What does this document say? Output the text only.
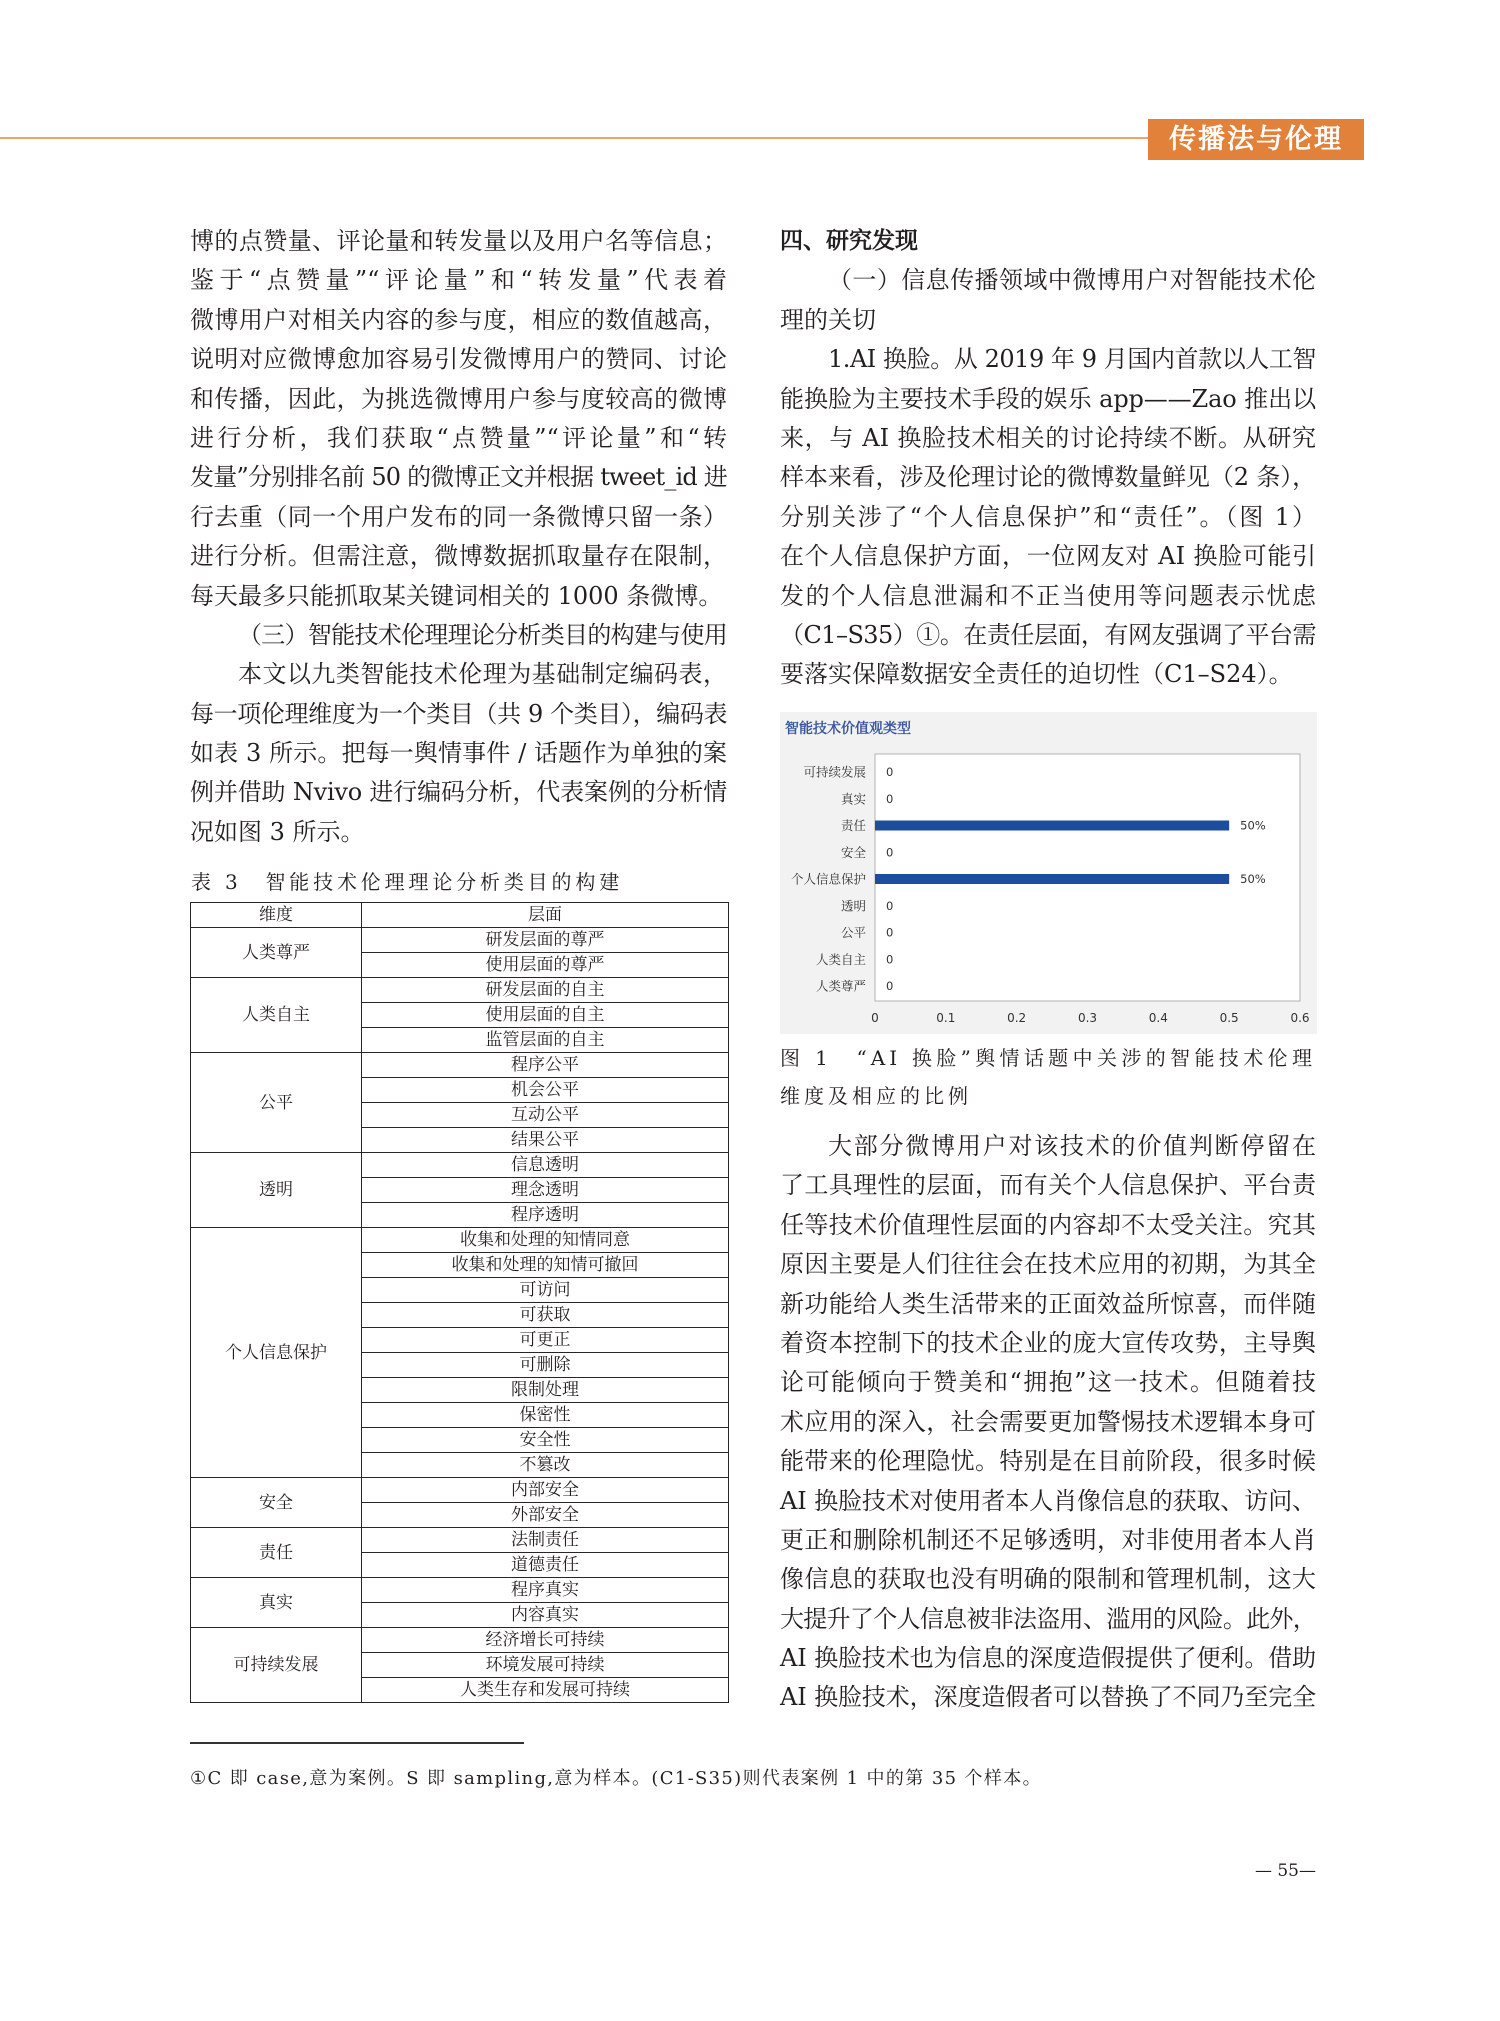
传播法与伦理
博的点赞量、评论量和转发量以及用户名等信息；
鉴于“点赞量”“评论量”和“转发量”代表着
微博用户对相关内容的参与度，相应的数值越高，
说明对应微博愈加容易引发微博用户的赞同、讨论
和传播，因此，为挑选微博用户参与度较高的微博
进行分析，我们获取“点赞量”“评论量”和“转
发量”分别排名前 50 的微博正文并根据 tweet_id 进
行去重（同一个用户发布的同一条微博只留一条）
进行分析。但需注意，微博数据抓取量存在限制，
每天最多只能抓取某关键词相关的 1000 条微博。
（三）智能技术伦理理论分析类目的构建与使用
本文以九类智能技术伦理为基础制定编码表，
每一项伦理维度为一个类目（共 9 个类目），编码表
如表 3 所示。把每一舆情事件 / 话题作为单独的案
例并借助 Nvivo 进行编码分析，代表案例的分析情
况如图 3 所示。
表 3　智能技术伦理理论分析类目的构建
维度	层面
人类尊严	研发层面的尊严
	使用层面的尊严
人类自主	研发层面的自主
	使用层面的自主
	监管层面的自主
公平	程序公平
	机会公平
	互动公平
	结果公平
透明	信息透明
	理念透明
	程序透明
个人信息保护	收集和处理的知情同意
	收集和处理的知情可撤回
	可访问
	可获取
	可更正
	可删除
	限制处理
	保密性
	安全性
	不篡改
安全	内部安全
	外部安全
责任	法制责任
	道德责任
真实	程序真实
	内容真实
可持续发展	经济增长可持续
	环境发展可持续
	人类生存和发展可持续
四、研究发现
（一）信息传播领域中微博用户对智能技术伦
理的关切
1.AI 换脸。从 2019 年 9 月国内首款以人工智
能换脸为主要技术手段的娱乐 app——Zao 推出以
来，与 AI 换脸技术相关的讨论持续不断。从研究
样本来看，涉及伦理讨论的微博数量鲜见（2 条），
分别关涉了“个人信息保护”和“责任”。（图 1）
在个人信息保护方面，一位网友对 AI 换脸可能引
发的个人信息泄漏和不正当使用等问题表示忧虑
（C1–S35）①。在责任层面，有网友强调了平台需
要落实保障数据安全责任的迫切性（C1–S24）。
智能技术价值观类型
可持续发展 0
真实 0
责任	50%
安全 0
个人信息保护	50%
透明 0
公平 0
人类自主 0
人类尊严 0
0	0.1	0.2	0.3	0.4	0.5	0.6
图 1　“AI 换脸”舆情话题中关涉的智能技术伦理
维度及相应的比例
大部分微博用户对该技术的价值判断停留在
了工具理性的层面，而有关个人信息保护、平台责
任等技术价值理性层面的内容却不太受关注。究其
原因主要是人们往往会在技术应用的初期，为其全
新功能给人类生活带来的正面效益所惊喜，而伴随
着资本控制下的技术企业的庞大宣传攻势，主导舆
论可能倾向于赞美和“拥抱”这一技术。但随着技
术应用的深入，社会需要更加警惕技术逻辑本身可
能带来的伦理隐忧。特别是在目前阶段，很多时候
AI 换脸技术对使用者本人肖像信息的获取、访问、
更正和删除机制还不足够透明，对非使用者本人肖
像信息的获取也没有明确的限制和管理机制，这大
大提升了个人信息被非法盗用、滥用的风险。此外，
AI 换脸技术也为信息的深度造假提供了便利。借助
AI 换脸技术，深度造假者可以替换了不同乃至完全
①C 即 case,意为案例。S 即 sampling,意为样本。(C1-S35)则代表案例 1 中的第 35 个样本。
— 55—
